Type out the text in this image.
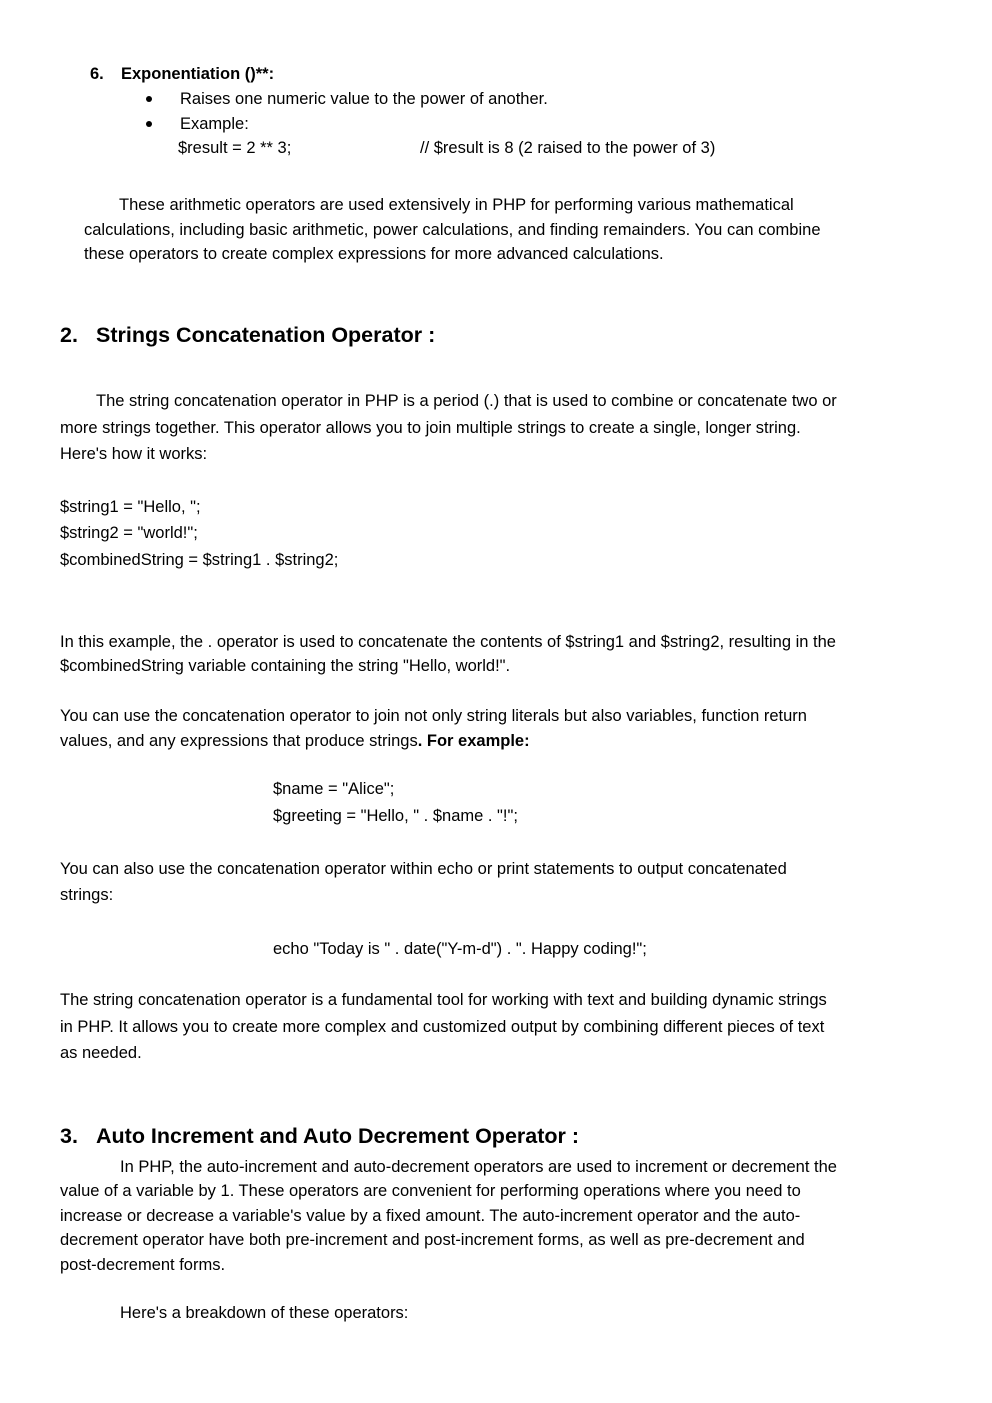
6. Exponentiation ()**:
Raises one numeric value to the power of another.
Example:
$result = 2 ** 3;	// $result is 8 (2 raised to the power of 3)
These arithmetic operators are used extensively in PHP for performing various mathematical
calculations, including basic arithmetic, power calculations, and finding remainders. You can combine
these operators to create complex expressions for more advanced calculations.
2. Strings Concatenation Operator :
The string concatenation operator in PHP is a period (.) that is used to combine or concatenate two or
more strings together. This operator allows you to join multiple strings to create a single, longer string.
Here's how it works:
$string1 = "Hello, ";
$string2 = "world!";
$combinedString = $string1 . $string2;
In this example, the . operator is used to concatenate the contents of $string1 and $string2, resulting in the
$combinedString variable containing the string "Hello, world!".
You can use the concatenation operator to join not only string literals but also variables, function return
values, and any expressions that produce strings. For example:
$name = "Alice";
$greeting = "Hello, " . $name . "!";
You can also use the concatenation operator within echo or print statements to output concatenated
strings:
echo "Today is " . date("Y-m-d") . ". Happy coding!";
The string concatenation operator is a fundamental tool for working with text and building dynamic strings
in PHP. It allows you to create more complex and customized output by combining different pieces of text
as needed.
3. Auto Increment and Auto Decrement Operator :
In PHP, the auto-increment and auto-decrement operators are used to increment or decrement the
value of a variable by 1. These operators are convenient for performing operations where you need to
increase or decrease a variable's value by a fixed amount. The auto-increment operator and the auto-
decrement operator have both pre-increment and post-increment forms, as well as pre-decrement and
post-decrement forms.
Here's a breakdown of these operators:
